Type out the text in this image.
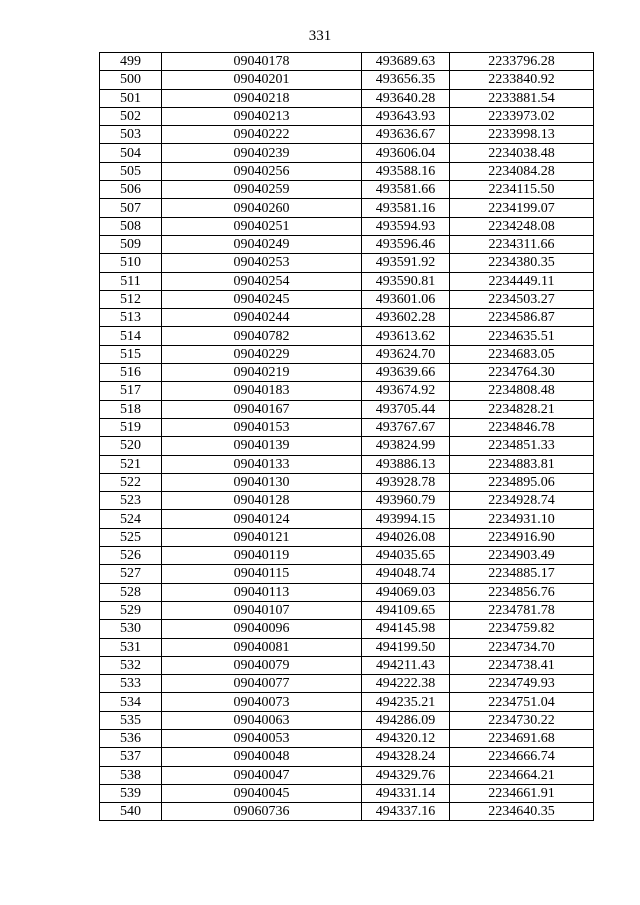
331
499	09040178	493689.63	2233796.28
500	09040201	493656.35	2233840.92
501	09040218	493640.28	2233881.54
502	09040213	493643.93	2233973.02
503	09040222	493636.67	2233998.13
504	09040239	493606.04	2234038.48
505	09040256	493588.16	2234084.28
506	09040259	493581.66	2234115.50
507	09040260	493581.16	2234199.07
508	09040251	493594.93	2234248.08
509	09040249	493596.46	2234311.66
510	09040253	493591.92	2234380.35
511	09040254	493590.81	2234449.11
512	09040245	493601.06	2234503.27
513	09040244	493602.28	2234586.87
514	09040782	493613.62	2234635.51
515	09040229	493624.70	2234683.05
516	09040219	493639.66	2234764.30
517	09040183	493674.92	2234808.48
518	09040167	493705.44	2234828.21
519	09040153	493767.67	2234846.78
520	09040139	493824.99	2234851.33
521	09040133	493886.13	2234883.81
522	09040130	493928.78	2234895.06
523	09040128	493960.79	2234928.74
524	09040124	493994.15	2234931.10
525	09040121	494026.08	2234916.90
526	09040119	494035.65	2234903.49
527	09040115	494048.74	2234885.17
528	09040113	494069.03	2234856.76
529	09040107	494109.65	2234781.78
530	09040096	494145.98	2234759.82
531	09040081	494199.50	2234734.70
532	09040079	494211.43	2234738.41
533	09040077	494222.38	2234749.93
534	09040073	494235.21	2234751.04
535	09040063	494286.09	2234730.22
536	09040053	494320.12	2234691.68
537	09040048	494328.24	2234666.74
538	09040047	494329.76	2234664.21
539	09040045	494331.14	2234661.91
540	09060736	494337.16	2234640.35
